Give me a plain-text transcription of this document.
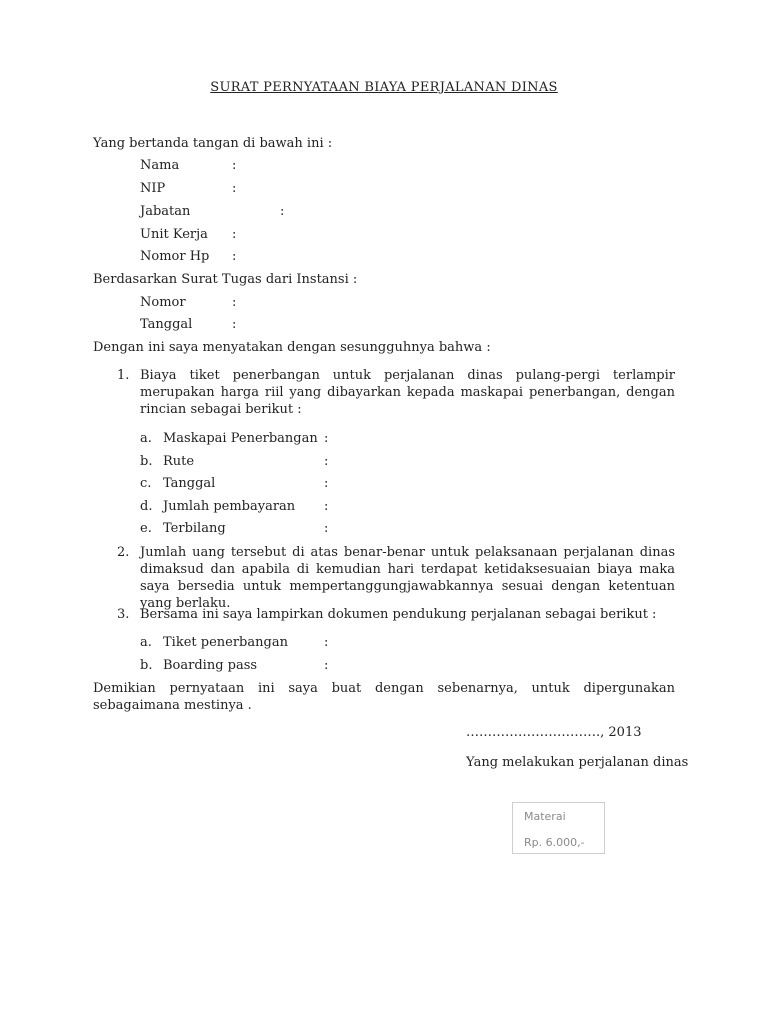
SURAT PERNYATAAN BIAYA PERJALANAN DINAS
Yang bertanda tangan di bawah ini :
Nama	:
NIP	:
Jabatan	:
Unit Kerja :
Nomor Hp :
Berdasarkan Surat Tugas dari Instansi :
Nomor	:
Tanggal	:
Dengan ini saya menyatakan dengan sesungguhnya bahwa :
1. Biaya tiket penerbangan untuk perjalanan dinas pulang-pergi terlampir merupakan harga riil yang dibayarkan kepada maskapai penerbangan, dengan rincian sebagai berikut :
a. Maskapai Penerbangan :
b. Rute	:
c. Tanggal	:
d. Jumlah pembayaran :
e. Terbilang	:
2. Jumlah uang tersebut di atas benar-benar untuk pelaksanaan perjalanan dinas dimaksud dan apabila di kemudian hari terdapat ketidaksesuaian biaya maka saya bersedia untuk mempertanggungjawabkannya sesuai dengan ketentuan yang berlaku.
3. Bersama ini saya lampirkan dokumen pendukung perjalanan sebagai berikut :
a. Tiket penerbangan	:
b. Boarding pass	:
Demikian pernyataan ini saya buat dengan sebenarnya, untuk dipergunakan sebagaimana mestinya .
…………………………., 2013
Yang melakukan perjalanan dinas
Materai
Rp. 6.000,-
